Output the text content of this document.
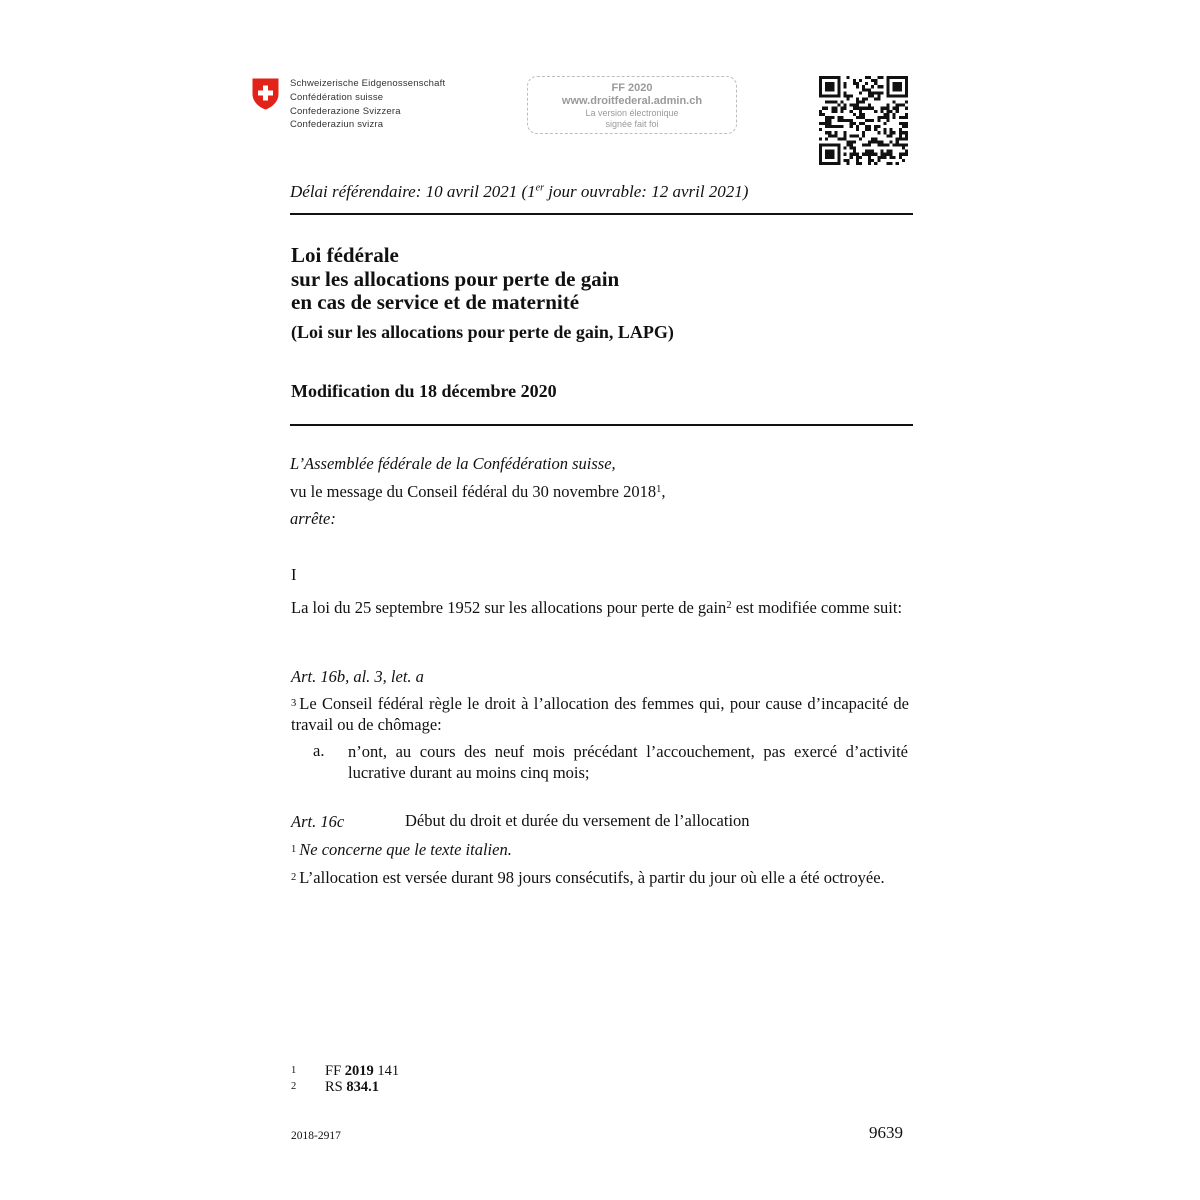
Schweizerische Eidgenossenschaft
Confédération suisse
Confederazione Svizzera
Confederaziun svizra
FF 2020
www.droitfederal.admin.ch
La version électronique
signée fait foi
Délai référendaire: 10 avril 2021 (1er jour ouvrable: 12 avril 2021)
Loi fédérale
sur les allocations pour perte de gain
en cas de service et de maternité
(Loi sur les allocations pour perte de gain, LAPG)
Modification du 18 décembre 2020
L’Assemblée fédérale de la Confédération suisse,
vu le message du Conseil fédéral du 30 novembre 2018$^1$,
arrête:
I
La loi du 25 septembre 1952 sur les allocations pour perte de gain$^2$ est modifiée comme suit:
Art. 16b, al. 3, let. a
3 Le Conseil fédéral règle le droit à l’allocation des femmes qui, pour cause d’incapacité de travail ou de chômage:
a. n’ont, au cours des neuf mois précédant l’accouchement, pas exercé d’activité lucrative durant au moins cinq mois;
Art. 16c	Début du droit et durée du versement de l’allocation
1 Ne concerne que le texte italien.
2 L’allocation est versée durant 98 jours consécutifs, à partir du jour où elle a été octroyée.
1	FF 2019 141
2	RS 834.1
2018-2917	9639
